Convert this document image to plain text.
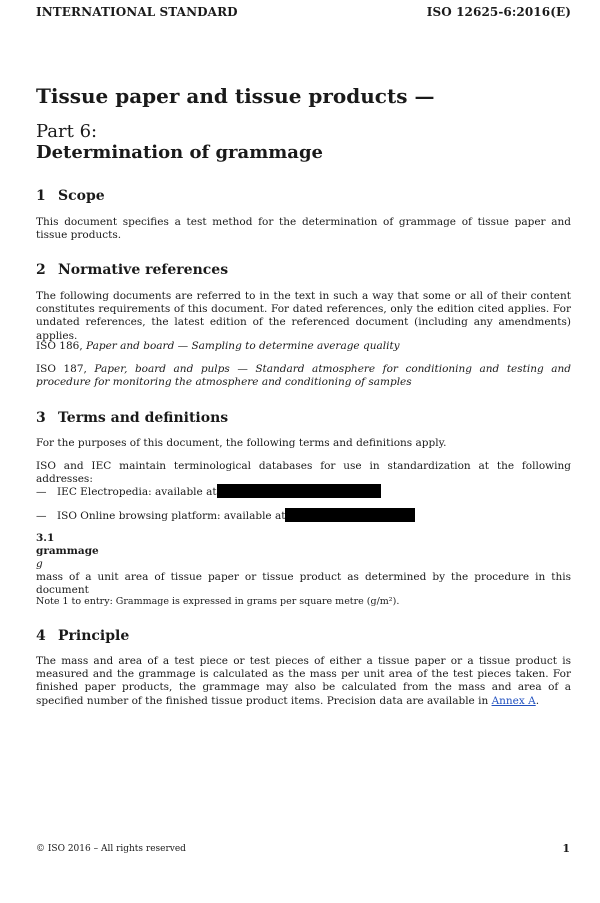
INTERNATIONAL STANDARD	ISO 12625-6:2016(E)
Tissue paper and tissue products —
Part 6:
Determination of grammage
1 Scope
This document specifies a test method for the determination of grammage of tissue paper and tissue products.
2 Normative references
The following documents are referred to in the text in such a way that some or all of their content constitutes requirements of this document. For dated references, only the edition cited applies. For undated references, the latest edition of the referenced document (including any amendments) applies.
ISO 186, Paper and board — Sampling to determine average quality
ISO 187, Paper, board and pulps — Standard atmosphere for conditioning and testing and procedure for monitoring the atmosphere and conditioning of samples
3 Terms and definitions
For the purposes of this document, the following terms and definitions apply.
ISO and IEC maintain terminological databases for use in standardization at the following addresses:
— IEC Electropedia: available at
— ISO Online browsing platform: available at
3.1
grammage
g
mass of a unit area of tissue paper or tissue product as determined by the procedure in this document
Note 1 to entry: Grammage is expressed in grams per square metre (g/m²).
4 Principle
The mass and area of a test piece or test pieces of either a tissue paper or a tissue product is measured and the grammage is calculated as the mass per unit area of the test pieces taken. For finished paper products, the grammage may also be calculated from the mass and area of a specified number of the finished tissue product items. Precision data are available in Annex A.
© ISO 2016 – All rights reserved	1
